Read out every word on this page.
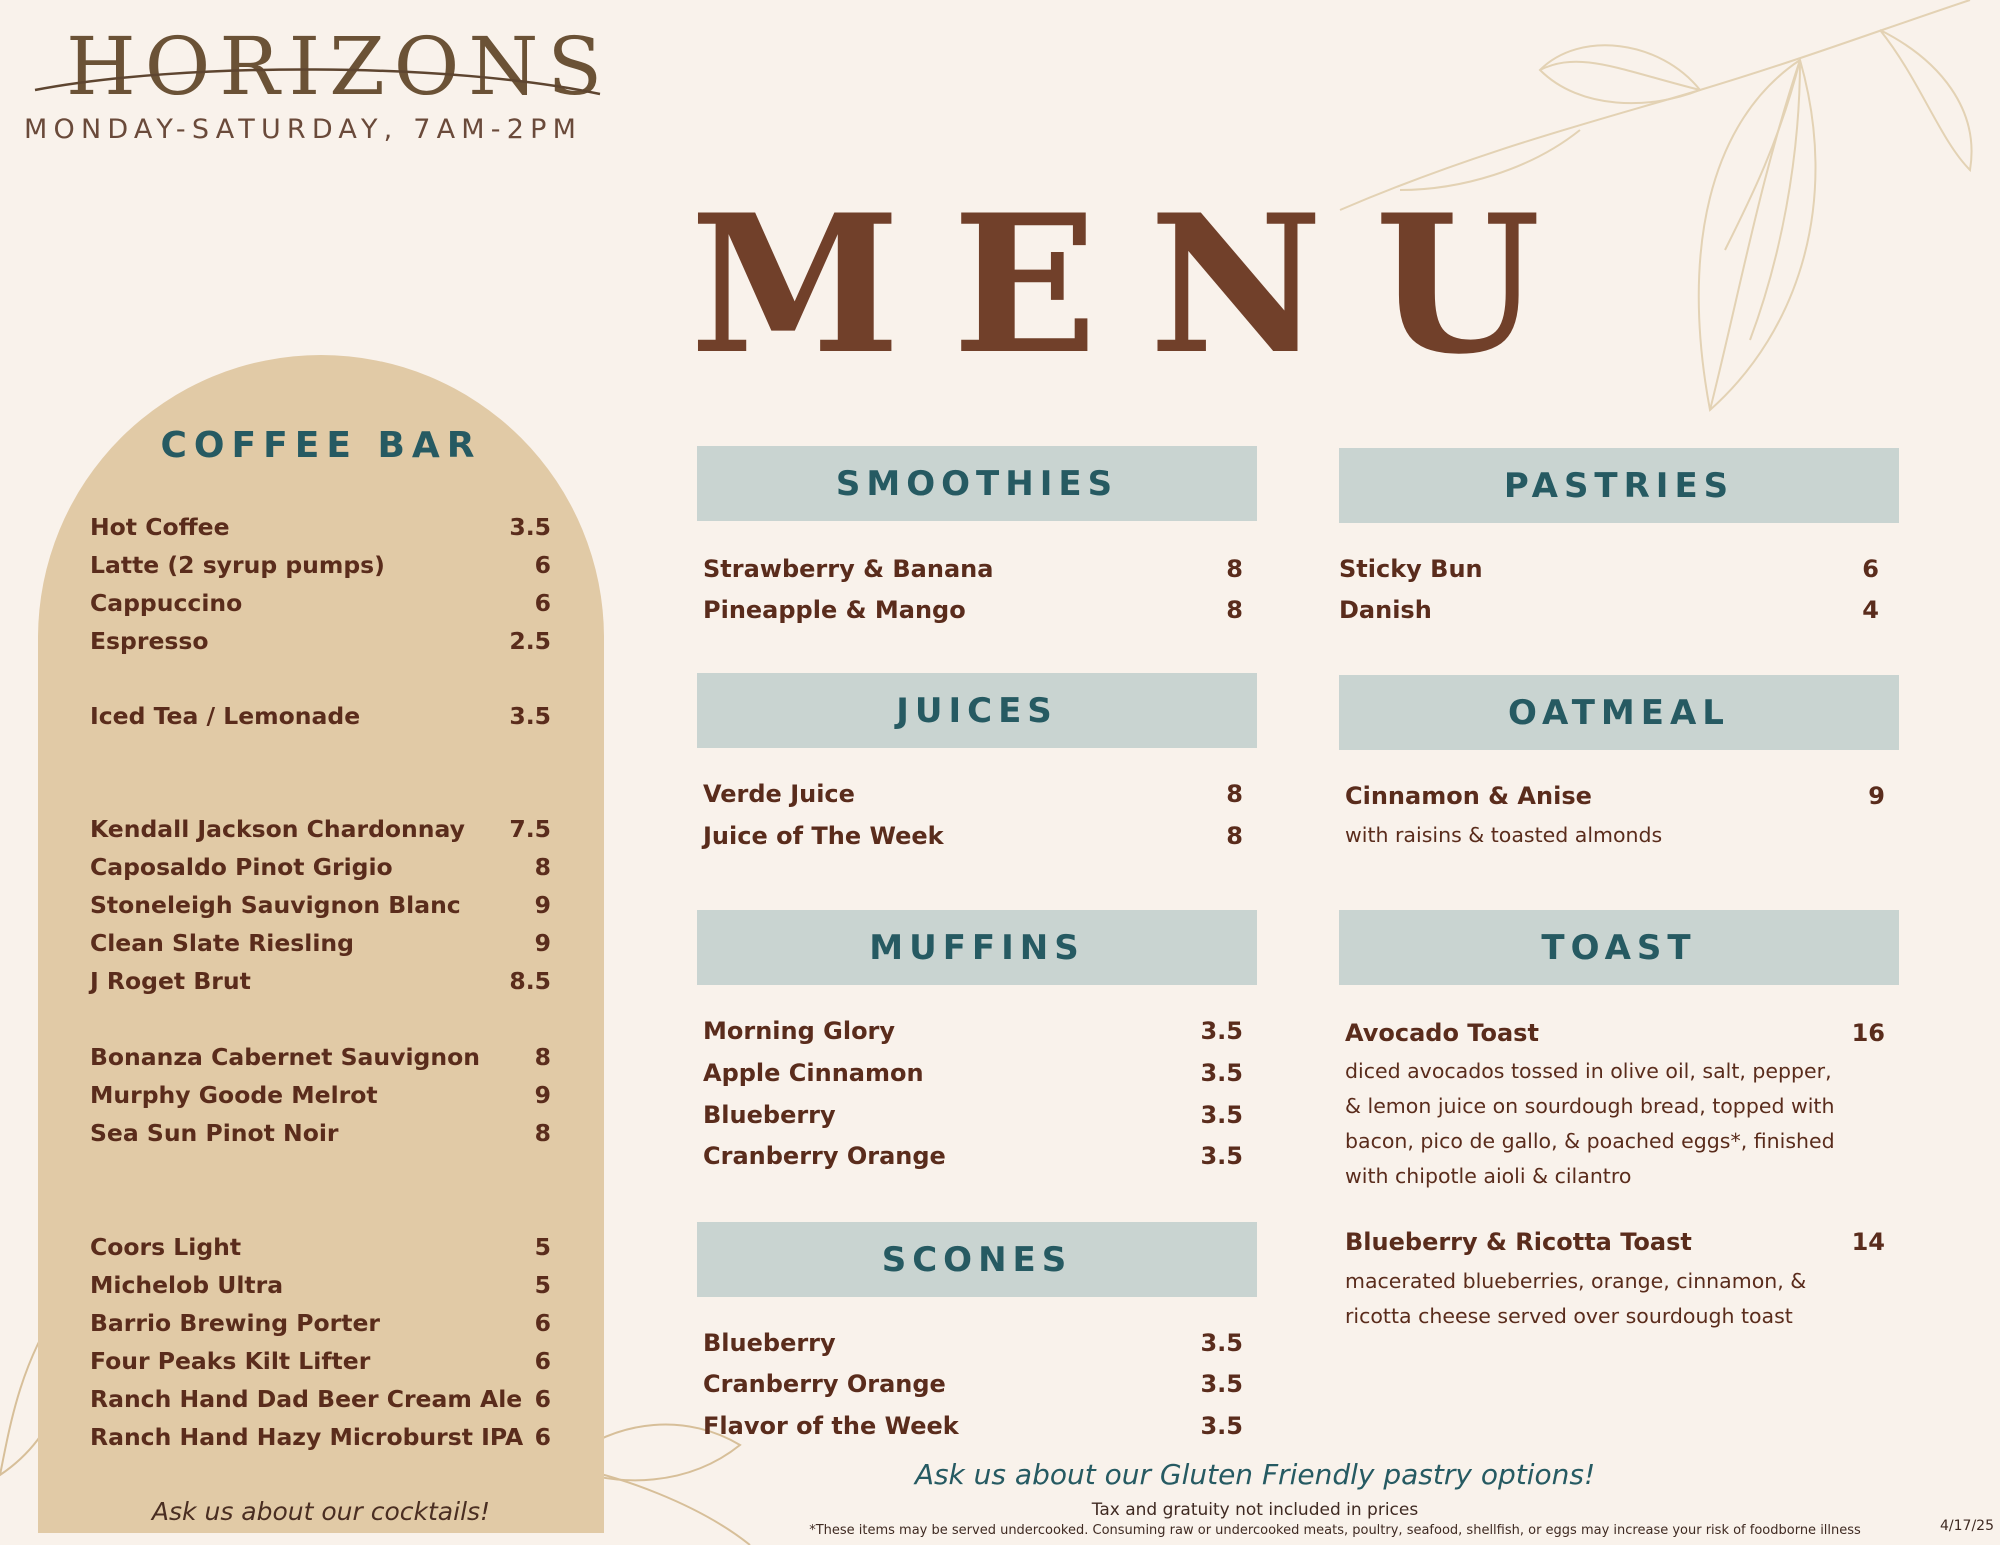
HORIZONS
MONDAY-SATURDAY, 7AM-2PM
MENU
COFFEE BAR
Hot Coffee	3.5
Latte (2 syrup pumps)	6
Cappuccino	6
Espresso	2.5
Iced Tea / Lemonade	3.5
Kendall Jackson Chardonnay 7.5
Caposaldo Pinot Grigio	8
Stoneleigh Sauvignon Blanc	9
Clean Slate Riesling	9
J Roget Brut	8.5
Bonanza Cabernet Sauvignon 8
Murphy Goode Melrot	9
Sea Sun Pinot Noir	8
Coors Light	5
Michelob Ultra	5
Barrio Brewing Porter	6
Four Peaks Kilt Lifter	6
Ranch Hand Dad Beer Cream Ale 6
Ranch Hand Hazy Microburst IPA 6
Ask us about our cocktails!
SMOOTHIES
Strawberry & Banana	8
Pineapple & Mango	8
JUICES
Verde Juice	8
Juice of The Week	8
MUFFINS
Morning Glory	3.5
Apple Cinnamon	3.5
Blueberry	3.5
Cranberry Orange	3.5
SCONES
Blueberry	3.5
Cranberry Orange	3.5
Flavor of the Week	3.5
PASTRIES
Sticky Bun	6
Danish	4
OATMEAL
Cinnamon & Anise	9
with raisins & toasted almonds
TOAST
Avocado Toast	16
diced avocados tossed in olive oil, salt, pepper,
& lemon juice on sourdough bread, topped with
bacon, pico de gallo, & poached eggs*, finished
with chipotle aioli & cilantro
Blueberry & Ricotta Toast	14
macerated blueberries, orange, cinnamon, &
ricotta cheese served over sourdough toast
Ask us about our Gluten Friendly pastry options!
Tax and gratuity not included in prices
*These items may be served undercooked. Consuming raw or undercooked meats, poultry, seafood, shellfish, or eggs may increase your risk of foodborne illness	4/17/25
